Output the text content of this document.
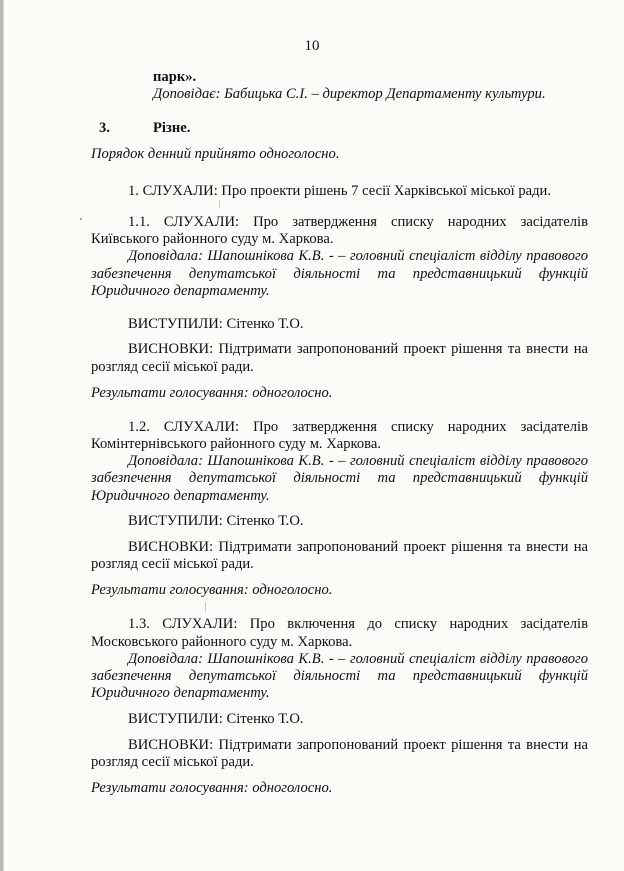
10
парк».
Доповідає: Бабицька С.І. – директор Департаменту культури.
3.	Різне.
Порядок денний прийнято одноголосно.
1. СЛУХАЛИ: Про проекти рішень 7 сесії Харківської міської ради.
1.1. СЛУХАЛИ: Про затвердження списку народних засідателів
Київського районного суду м. Харкова.
Доповідала: Шапошнікова К.В. - – головний спеціаліст відділу правового
забезпечення депутатської діяльності та представницький функцій
Юридичного департаменту.
ВИСТУПИЛИ: Сітенко Т.О.
ВИСНОВКИ: Підтримати запропонований проект рішення та внести на
розгляд сесії міської ради.
Результати голосування: одноголосно.
1.2. СЛУХАЛИ: Про затвердження списку народних засідателів
Комінтернівського районного суду м. Харкова.
Доповідала: Шапошнікова К.В. - – головний спеціаліст відділу правового
забезпечення депутатської діяльності та представницький функцій
Юридичного департаменту.
ВИСТУПИЛИ: Сітенко Т.О.
ВИСНОВКИ: Підтримати запропонований проект рішення та внести на
розгляд сесії міської ради.
Результати голосування: одноголосно.
1.3. СЛУХАЛИ: Про включення до списку народних засідателів
Московського районного суду м. Харкова.
Доповідала: Шапошнікова К.В. - – головний спеціаліст відділу правового
забезпечення депутатської діяльності та представницький функцій
Юридичного департаменту.
ВИСТУПИЛИ: Сітенко Т.О.
ВИСНОВКИ: Підтримати запропонований проект рішення та внести на
розгляд сесії міської ради.
Результати голосування: одноголосно.
